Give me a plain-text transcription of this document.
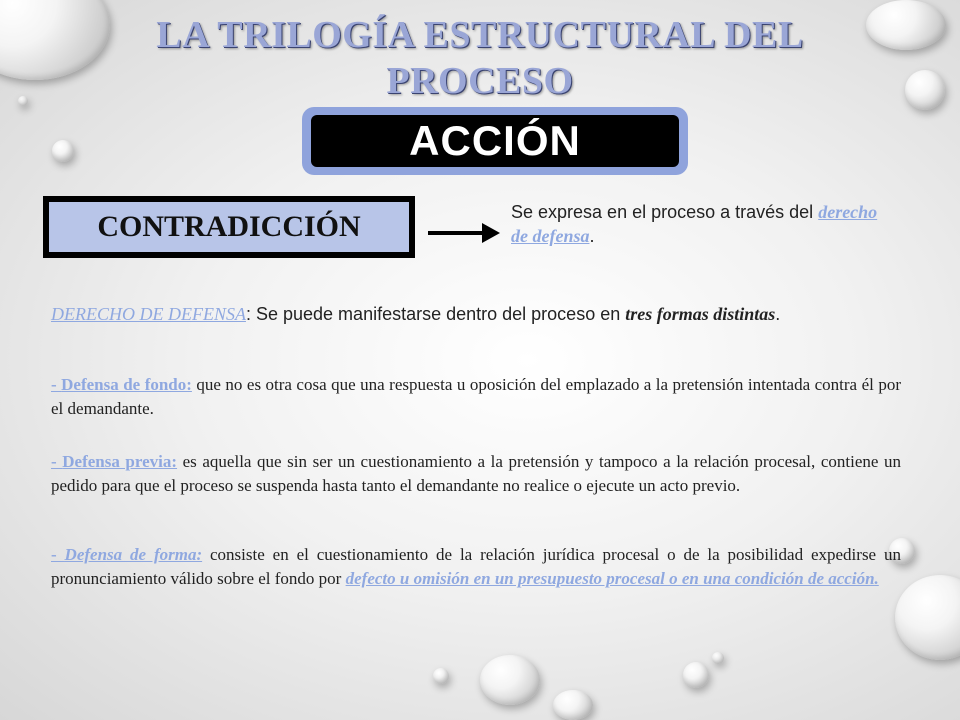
LA TRILOGÍA ESTRUCTURAL DEL PROCESO
ACCIÓN
CONTRADICCIÓN	Se expresa en el proceso a través del derecho de defensa.
DERECHO DE DEFENSA: Se puede manifestarse dentro del proceso en tres formas distintas.

- Defensa de fondo: que no es otra cosa que una respuesta u oposición del emplazado a la pretensión intentada contra él por el demandante.

- Defensa previa: es aquella que sin ser un cuestionamiento a la pretensión y tampoco a la relación procesal, contiene un pedido para que el proceso se suspenda hasta tanto el demandante no realice o ejecute un acto previo.

- Defensa de forma: consiste en el cuestionamiento de la relación jurídica procesal o de la posibilidad expedirse un pronunciamiento válido sobre el fondo por defecto u omisión en un presupuesto procesal o en una condición de acción.
